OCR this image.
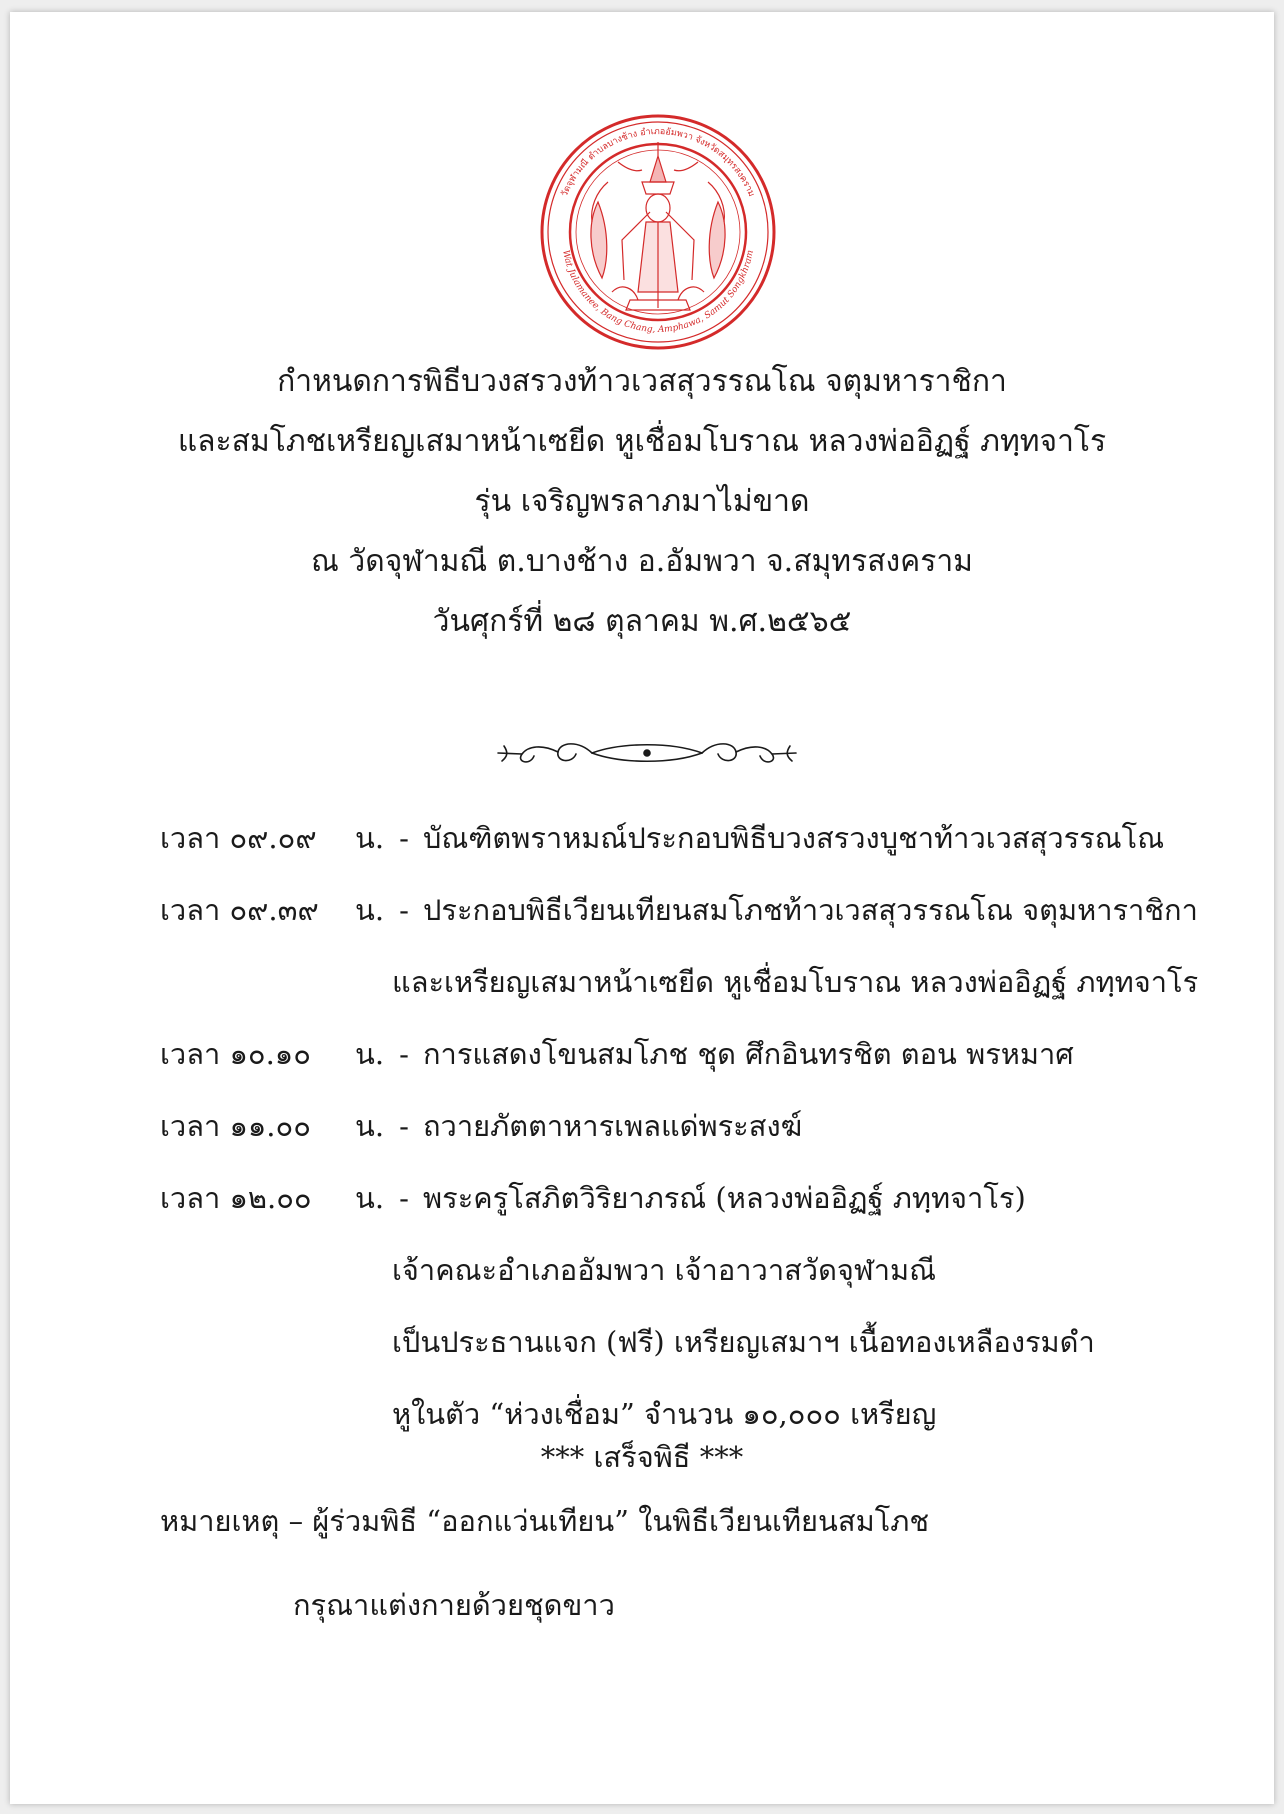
วัดจุฬามณี ตำบลบางช้าง อำเภออัมพวา จังหวัดสมุทรสงคราม
Wat Julamanee, Bang Chang, Amphawa, Samut Songkhram
กำหนดการพิธีบวงสรวงท้าวเวสสุวรรณโณ จตุมหาราชิกา
และสมโภชเหรียญเสมาหน้าเซยีด หูเชื่อมโบราณ หลวงพ่ออิฏฐ์ ภทฺทจาโร
รุ่น เจริญพรลาภมาไม่ขาด
ณ วัดจุฬามณี ต.บางช้าง อ.อัมพวา จ.สมุทรสงคราม
วันศุกร์ที่ ๒๘ ตุลาคม พ.ศ.๒๕๖๕
เวลา ๐๙.๐๙	น. - บัณฑิตพราหมณ์ประกอบพิธีบวงสรวงบูชาท้าวเวสสุวรรณโณ
เวลา ๐๙.๓๙	น. - ประกอบพิธีเวียนเทียนสมโภชท้าวเวสสุวรรณโณ จตุมหาราชิกา
และเหรียญเสมาหน้าเซยีด หูเชื่อมโบราณ หลวงพ่ออิฏฐ์ ภทฺทจาโร
เวลา ๑๐.๑๐	น. - การแสดงโขนสมโภช ชุด ศึกอินทรชิต ตอน พรหมาศ
เวลา ๑๑.๐๐	น. - ถวายภัตตาหารเพลแด่พระสงฆ์
เวลา ๑๒.๐๐	น. - พระครูโสภิตวิริยาภรณ์ (หลวงพ่ออิฏฐ์ ภทฺทจาโร)
เจ้าคณะอำเภออัมพวา เจ้าอาวาสวัดจุฬามณี
เป็นประธานแจก (ฟรี) เหรียญเสมาฯ เนื้อทองเหลืองรมดำ
หูในตัว “ห่วงเชื่อม” จำนวน ๑๐,๐๐๐ เหรียญ
*** เสร็จพิธี ***
หมายเหตุ – ผู้ร่วมพิธี “ออกแว่นเทียน” ในพิธีเวียนเทียนสมโภช
กรุณาแต่งกายด้วยชุดขาว
